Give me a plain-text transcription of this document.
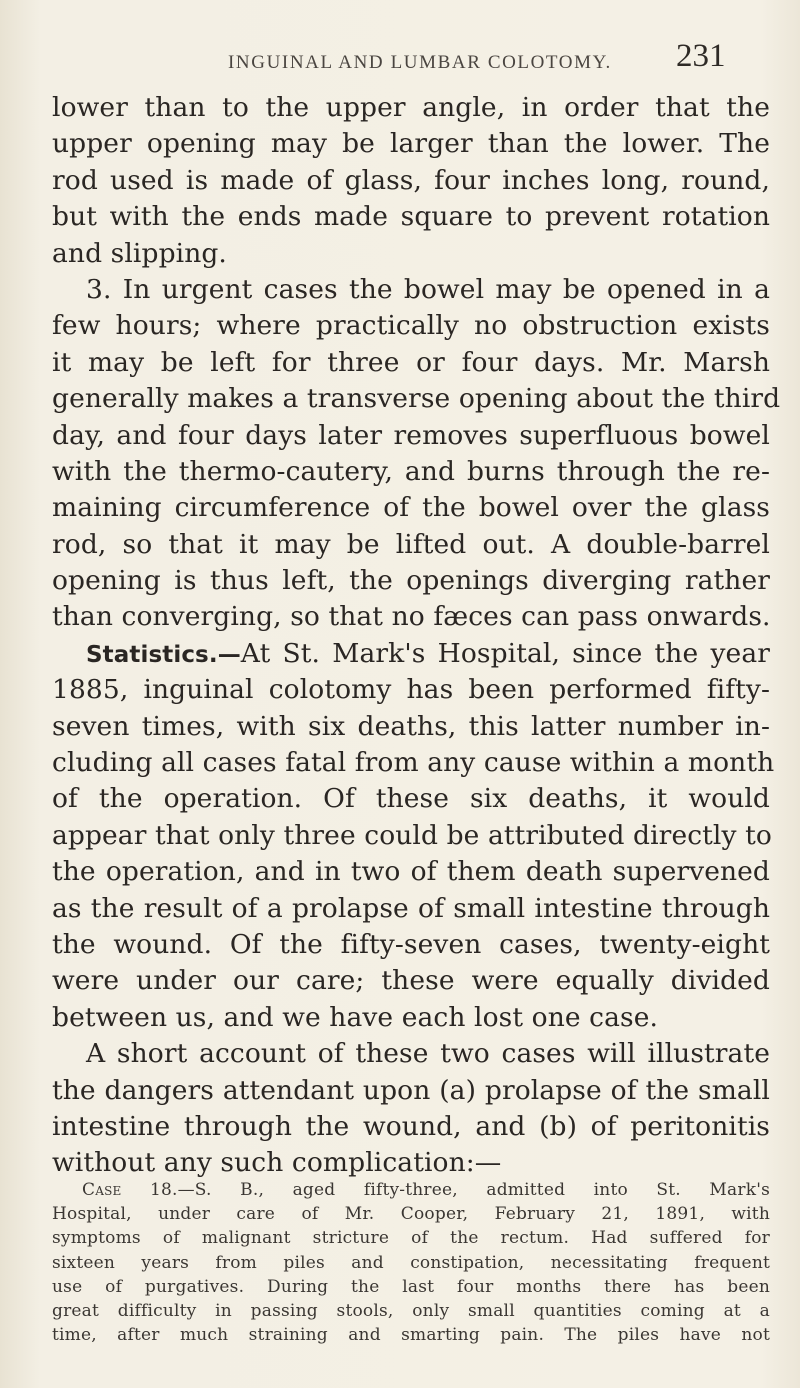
INGUINAL AND LUMBAR COLOTOMY. 231
lower than to the upper angle, in order that the
upper opening may be larger than the lower. The
rod used is made of glass, four inches long, round,
but with the ends made square to prevent rotation
and slipping.
3. In urgent cases the bowel may be opened in a
few hours; where practically no obstruction exists
it may be left for three or four days. Mr. Marsh
generally makes a transverse opening about the third
day, and four days later removes superfluous bowel
with the thermo-cautery, and burns through the re-
maining circumference of the bowel over the glass
rod, so that it may be lifted out. A double-barrel
opening is thus left, the openings diverging rather
than converging, so that no fæces can pass onwards.
Statistics.—At St. Mark's Hospital, since the year
1885, inguinal colotomy has been performed fifty-
seven times, with six deaths, this latter number in-
cluding all cases fatal from any cause within a month
of the operation. Of these six deaths, it would
appear that only three could be attributed directly to
the operation, and in two of them death supervened
as the result of a prolapse of small intestine through
the wound. Of the fifty-seven cases, twenty-eight
were under our care; these were equally divided
between us, and we have each lost one case.
A short account of these two cases will illustrate
the dangers attendant upon (a) prolapse of the small
intestine through the wound, and (b) of peritonitis
without any such complication:—
Case 18.—S. B., aged fifty-three, admitted into St. Mark's
Hospital, under care of Mr. Cooper, February 21, 1891, with
symptoms of malignant stricture of the rectum. Had suffered for
sixteen years from piles and constipation, necessitating frequent
use of purgatives. During the last four months there has been
great difficulty in passing stools, only small quantities coming at a
time, after much straining and smarting pain. The piles have not
